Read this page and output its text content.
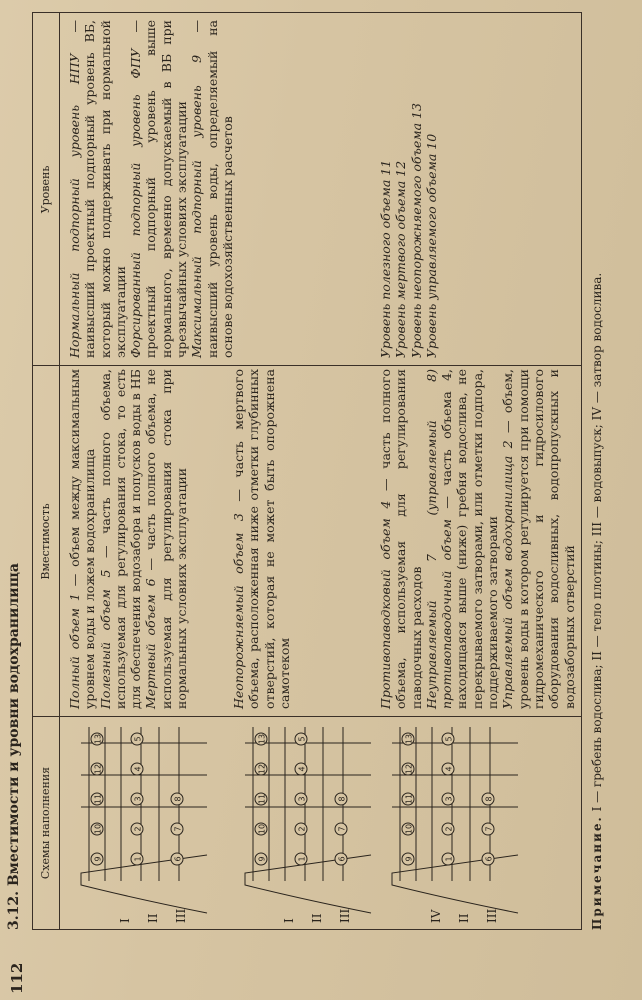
112
3.12. Вместимости и уровни водохранилища Схемы наполнения
Вместимость
Уровень
I II III
9
10
11
12
13
1
2
3
4
5
6
7
8
I II III
9
10
11
12
13
1
2
3
4
5
6
7
8
IV II III
9
10
11
12
13
1
2
3
4
5
6
7
8

Полный объем 1 — объем между максимальным уровнем воды и ложем водохранилища Полезный объем 5 — часть полного объема, используемая для регулирования стока, то есть для обеспечения водозабора и попусков воды в НБ Мертвый объем 6 — часть полного объема, не используемая для регулирования стока при нормальных условиях эксплуатации

Нормальный подпорный уровень НПУ — наивысший проектный подпорный уровень ВБ, который можно поддерживать при нормальной эксплуатации Форсированный подпорный уровень ФПУ — проектный подпорный уровень выше нормального, временно допускаемый в ВБ при чрезвычайных условиях эксплуатации Максимальный подпорный уровень 9 — наивысший уровень воды, определяемый на основе водохозяйственных расчетов

Неопорожняемый объем 3 — часть мертвого объема, расположенная ниже отметки глубинных отверстий, которая не может быть опорожнена самотеком	Противопаводковый объем 4 — часть полного объема, используемая для регулирования паводочных расходов Неуправляемый 7 (управляемый 8) противопаводочный объем — часть объема 4, находящаяся выше (ниже) гребня водослива, не перекрываемого затворами, или отметки подпора, поддерживаемого затворами Управляемый объем водохранилища 2 — объем, уровень воды в котором регулируется при помощи гидромеханического и гидросилового оборудования водосливных, водопропускных и водозаборных отверстий

Уровень полезного объема 11 Уровень мертвого объема 12 Уровень неопорожняемого объема 13 Уровень управляемого объема 10

Примечание. I — гребень водослива; II — тело плотины; III — водовыпуск; IV — затвор водослива.
